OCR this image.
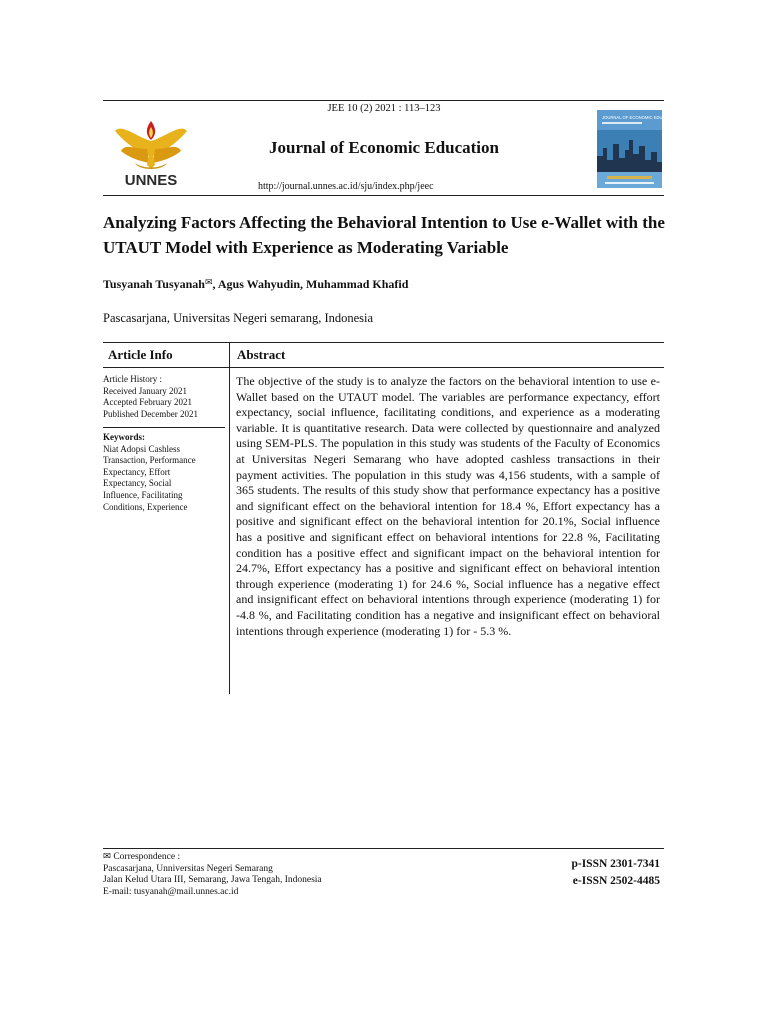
JEE 10 (2) 2021 : 113–123
UNNES
Journal of Economic Education
http://journal.unnes.ac.id/sju/index.php/jeec
JOURNAL OF ECONOMIC EDUCATION
Analyzing Factors Affecting the Behavioral Intention to Use e-Wallet with the UTAUT Model with Experience as Moderating Variable
Tusyanah Tusyanah✉, Agus Wahyudin, Muhammad Khafid
Pascasarjana, Universitas Negeri semarang, Indonesia
Article Info	Abstract
Article History :
Received January 2021
Accepted February 2021
Published December 2021
Keywords:
Niat Adopsi Cashless
Transaction, Performance
Expectancy, Effort
Expectancy, Social
Influence, Facilitating
Conditions, Experience

The objective of the study is to analyze the factors on the behavioral intention to use e-Wallet based on the UTAUT model. The variables are performance expectancy, effort expectancy, social influence, facilitating conditions, and experience as a moderating variable. It is quantitative research. Data were collected by questionnaire and analyzed using SEM-PLS. The population in this study was students of the Faculty of Economics at Universitas Negeri Semarang who have adopted cashless transactions in their payment activities. The population in this study was 4,156 students, with a sample of 365 students. The results of this study show that performance expectancy has a positive and significant effect on the behavioral intention for 18.4 %, Effort expectancy has a positive and significant effect on the behavioral intention for 20.1%, Social influence has a positive and significant effect on behavioral intentions for 22.8 %, Facilitating condition has a positive effect and significant impact on the behavioral intention for 24.7%, Effort expectancy has a positive and significant effect on behavioral intention through experience (moderating 1) for 24.6 %, Social influence has a negative effect and insignificant effect on behavioral intentions through experience (moderating 1) for -4.8 %, and Facilitating condition has a negative and insignificant effect on behavioral intentions through experience (moderating 1) for - 5.3 %.

✉ Correspondence :
Pascasarjana, Unniversitas Negeri Semarang
Jalan Kelud Utara III, Semarang, Jawa Tengah, Indonesia
E-mail: tusyanah@mail.unnes.ac.id
p-ISSN 2301-7341
e-ISSN 2502-4485
